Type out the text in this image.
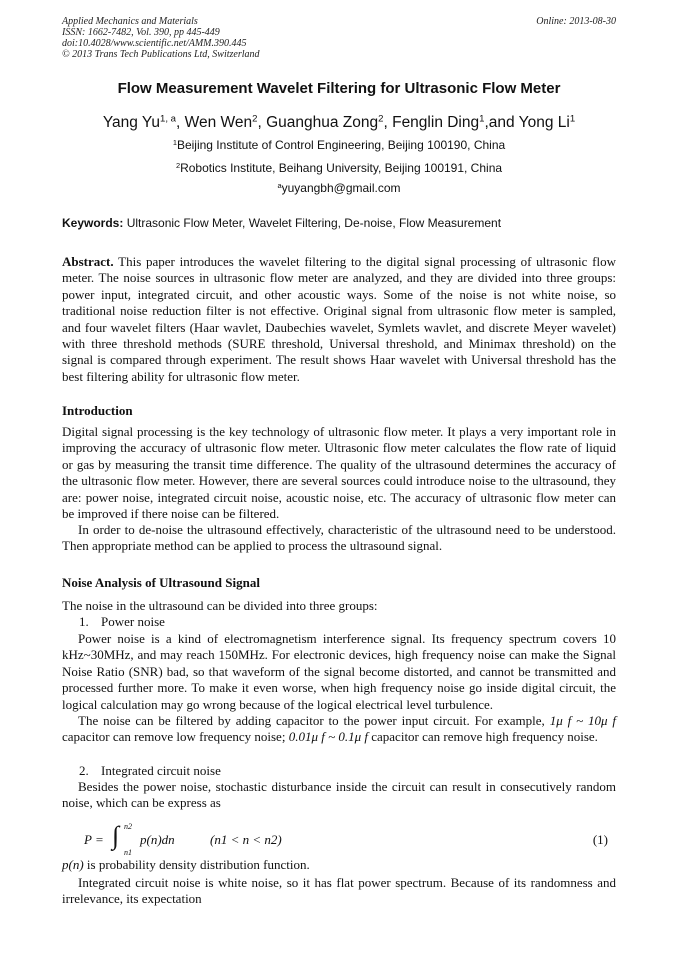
Applied Mechanics and Materials
ISSN: 1662-7482, Vol. 390, pp 445-449
doi:10.4028/www.scientific.net/AMM.390.445
© 2013 Trans Tech Publications Ltd, Switzerland
Online: 2013-08-30
Flow Measurement Wavelet Filtering for Ultrasonic Flow Meter
Yang Yu$^{1, a}$, Wen Wen$^2$, Guanghua Zong$^2$, Fenglin Ding$^1$,and Yong Li$^1$
$^1$Beijing Institute of Control Engineering, Beijing 100190, China
$^2$Robotics Institute, Beihang University, Beijing 100191, China
$^a$yuyangbh@gmail.com
Keywords: Ultrasonic Flow Meter, Wavelet Filtering, De-noise, Flow Measurement
Abstract. This paper introduces the wavelet filtering to the digital signal processing of ultrasonic flow meter. The noise sources in ultrasonic flow meter are analyzed, and they are divided into three groups: power input, integrated circuit, and other acoustic ways. Some of the noise is not white noise, so traditional noise reduction filter is not effective. Original signal from ultrasonic flow meter is sampled, and four wavelet filters (Haar wavlet, Daubechies wavelet, Symlets wavlet, and discrete Meyer wavelet) with three threshold methods (SURE threshold, Universal threshold, and Minimax threshold) on the signal is compared through experiment. The result shows Haar wavelet with Universal threshold has the best filtering ability for ultrasonic flow meter.
Introduction
Digital signal processing is the key technology of ultrasonic flow meter. It plays a very important role in improving the accuracy of ultrasonic flow meter. Ultrasonic flow meter calculates the flow rate of liquid or gas by measuring the transit time difference. The quality of the ultrasound determines the accuracy of the ultrasonic flow meter. However, there are several sources could introduce noise to the ultrasound, they are: power noise, integrated circuit noise, acoustic noise, etc. The accuracy of ultrasonic flow meter can be improved if there noise can be filtered.
In order to de-noise the ultrasound effectively, characteristic of the ultrasound need to be understood. Then appropriate method can be applied to process the ultrasound signal.
Noise Analysis of Ultrasound Signal
The noise in the ultrasound can be divided into three groups:
1. Power noise
Power noise is a kind of electromagnetism interference signal. Its frequency spectrum covers 10 kHz~30MHz, and may reach 150MHz. For electronic devices, high frequency noise can make the Signal Noise Ratio (SNR) bad, so that waveform of the signal become distorted, and cannot be transmitted and processed further more. To make it even worse, when high frequency noise go inside digital circuit, the logical calculation may go wrong because of the logical electrical level turbulence.
The noise can be filtered by adding capacitor to the power input circuit. For example, 1μ f ~ 10μ f capacitor can remove low frequency noise; 0.01μ f ~ 0.1μ f capacitor can remove high frequency noise.
2. Integrated circuit noise
Besides the power noise, stochastic disturbance inside the circuit can result in consecutively random noise, which can be express as
P = ∫ n2
n1
p(n)dn	(n1 < n < n2)	(1)
p(n) is probability density distribution function.
Integrated circuit noise is white noise, so it has flat power spectrum. Because of its randomness and irrelevance, its expectation
